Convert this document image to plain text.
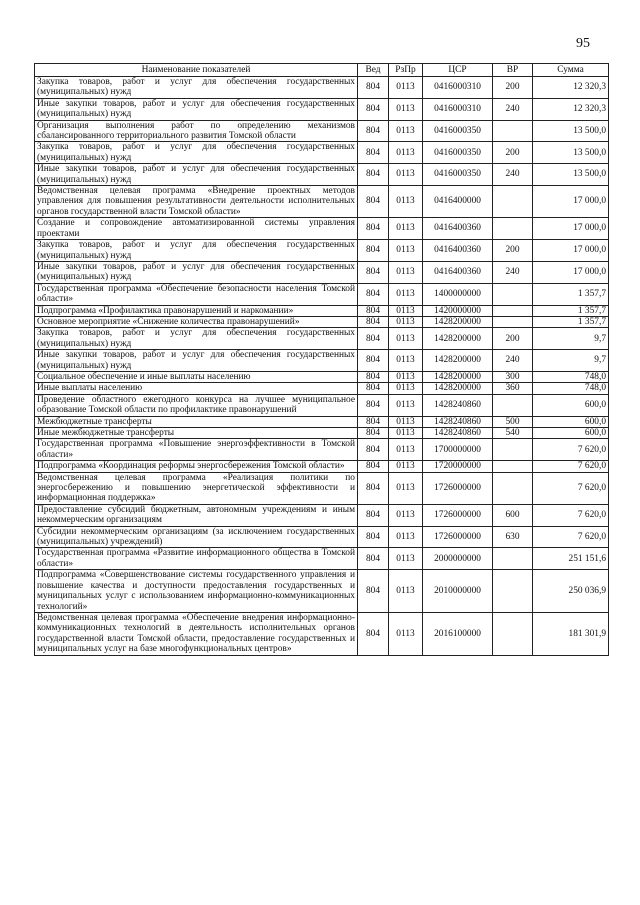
95
Наименование показателей	Вед	РзПр	ЦСР	ВР	Сумма
Закупка товаров, работ и услуг для обеспечения государственных (муниципальных) нужд	804	0113	0416000310	200	12 320,3
Иные закупки товаров, работ и услуг для обеспечения государственных (муниципальных) нужд	804	0113	0416000310	240	12 320,3
Организация выполнения работ по определению механизмов сбалансированного территориального развития Томской области	804	0113	0416000350		13 500,0
Закупка товаров, работ и услуг для обеспечения государственных (муниципальных) нужд	804	0113	0416000350	200	13 500,0
Иные закупки товаров, работ и услуг для обеспечения государственных (муниципальных) нужд	804	0113	0416000350	240	13 500,0
Ведомственная целевая программа «Внедрение проектных методов управления для повышения результативности деятельности исполнительных органов государственной власти Томской области»	804	0113	0416400000		17 000,0
Создание и сопровождение автоматизированной системы управления проектами	804	0113	0416400360		17 000,0
Закупка товаров, работ и услуг для обеспечения государственных (муниципальных) нужд	804	0113	0416400360	200	17 000,0
Иные закупки товаров, работ и услуг для обеспечения государственных (муниципальных) нужд	804	0113	0416400360	240	17 000,0
Государственная программа «Обеспечение безопасности населения Томской области»	804	0113	1400000000		1 357,7
Подпрограмма «Профилактика правонарушений и наркомании»	804	0113	1420000000		1 357,7
Основное мероприятие «Снижение количества правонарушений»	804	0113	1428200000		1 357,7
Закупка товаров, работ и услуг для обеспечения государственных (муниципальных) нужд	804	0113	1428200000	200	9,7
Иные закупки товаров, работ и услуг для обеспечения государственных (муниципальных) нужд	804	0113	1428200000	240	9,7
Социальное обеспечение и иные выплаты населению	804	0113	1428200000	300	748,0
Иные выплаты населению	804	0113	1428200000	360	748,0
Проведение областного ежегодного конкурса на лучшее муниципальное образование Томской области по профилактике правонарушений	804	0113	1428240860		600,0
Межбюджетные трансферты	804	0113	1428240860	500	600,0
Иные межбюджетные трансферты	804	0113	1428240860	540	600,0
Государственная программа «Повышение энергоэффективности в Томской области»	804	0113	1700000000		7 620,0
Подпрограмма «Координация реформы энергосбережения Томской области»	804	0113	1720000000		7 620,0
Ведомственная целевая программа «Реализация политики по энергосбережению и повышению энергетической эффективности и информационная поддержка»	804	0113	1726000000		7 620,0
Предоставление субсидий бюджетным, автономным учреждениям и иным некоммерческим организациям	804	0113	1726000000	600	7 620,0
Субсидии некоммерческим организациям (за исключением государственных (муниципальных) учреждений)	804	0113	1726000000	630	7 620,0
Государственная программа «Развитие информационного общества в Томской области»	804	0113	2000000000		251 151,6
Подпрограмма «Совершенствование системы государственного управления и повышение качества и доступности предоставления государственных и муниципальных услуг с использованием информационно-коммуникационных технологий»	804	0113	2010000000		250 036,9
Ведомственная целевая программа «Обеспечение внедрения информационно-коммуникационных технологий в деятельность исполнительных органов государственной власти Томской области, предоставление государственных и муниципальных услуг на базе многофункциональных центров»	804	0113	2016100000		181 301,9
